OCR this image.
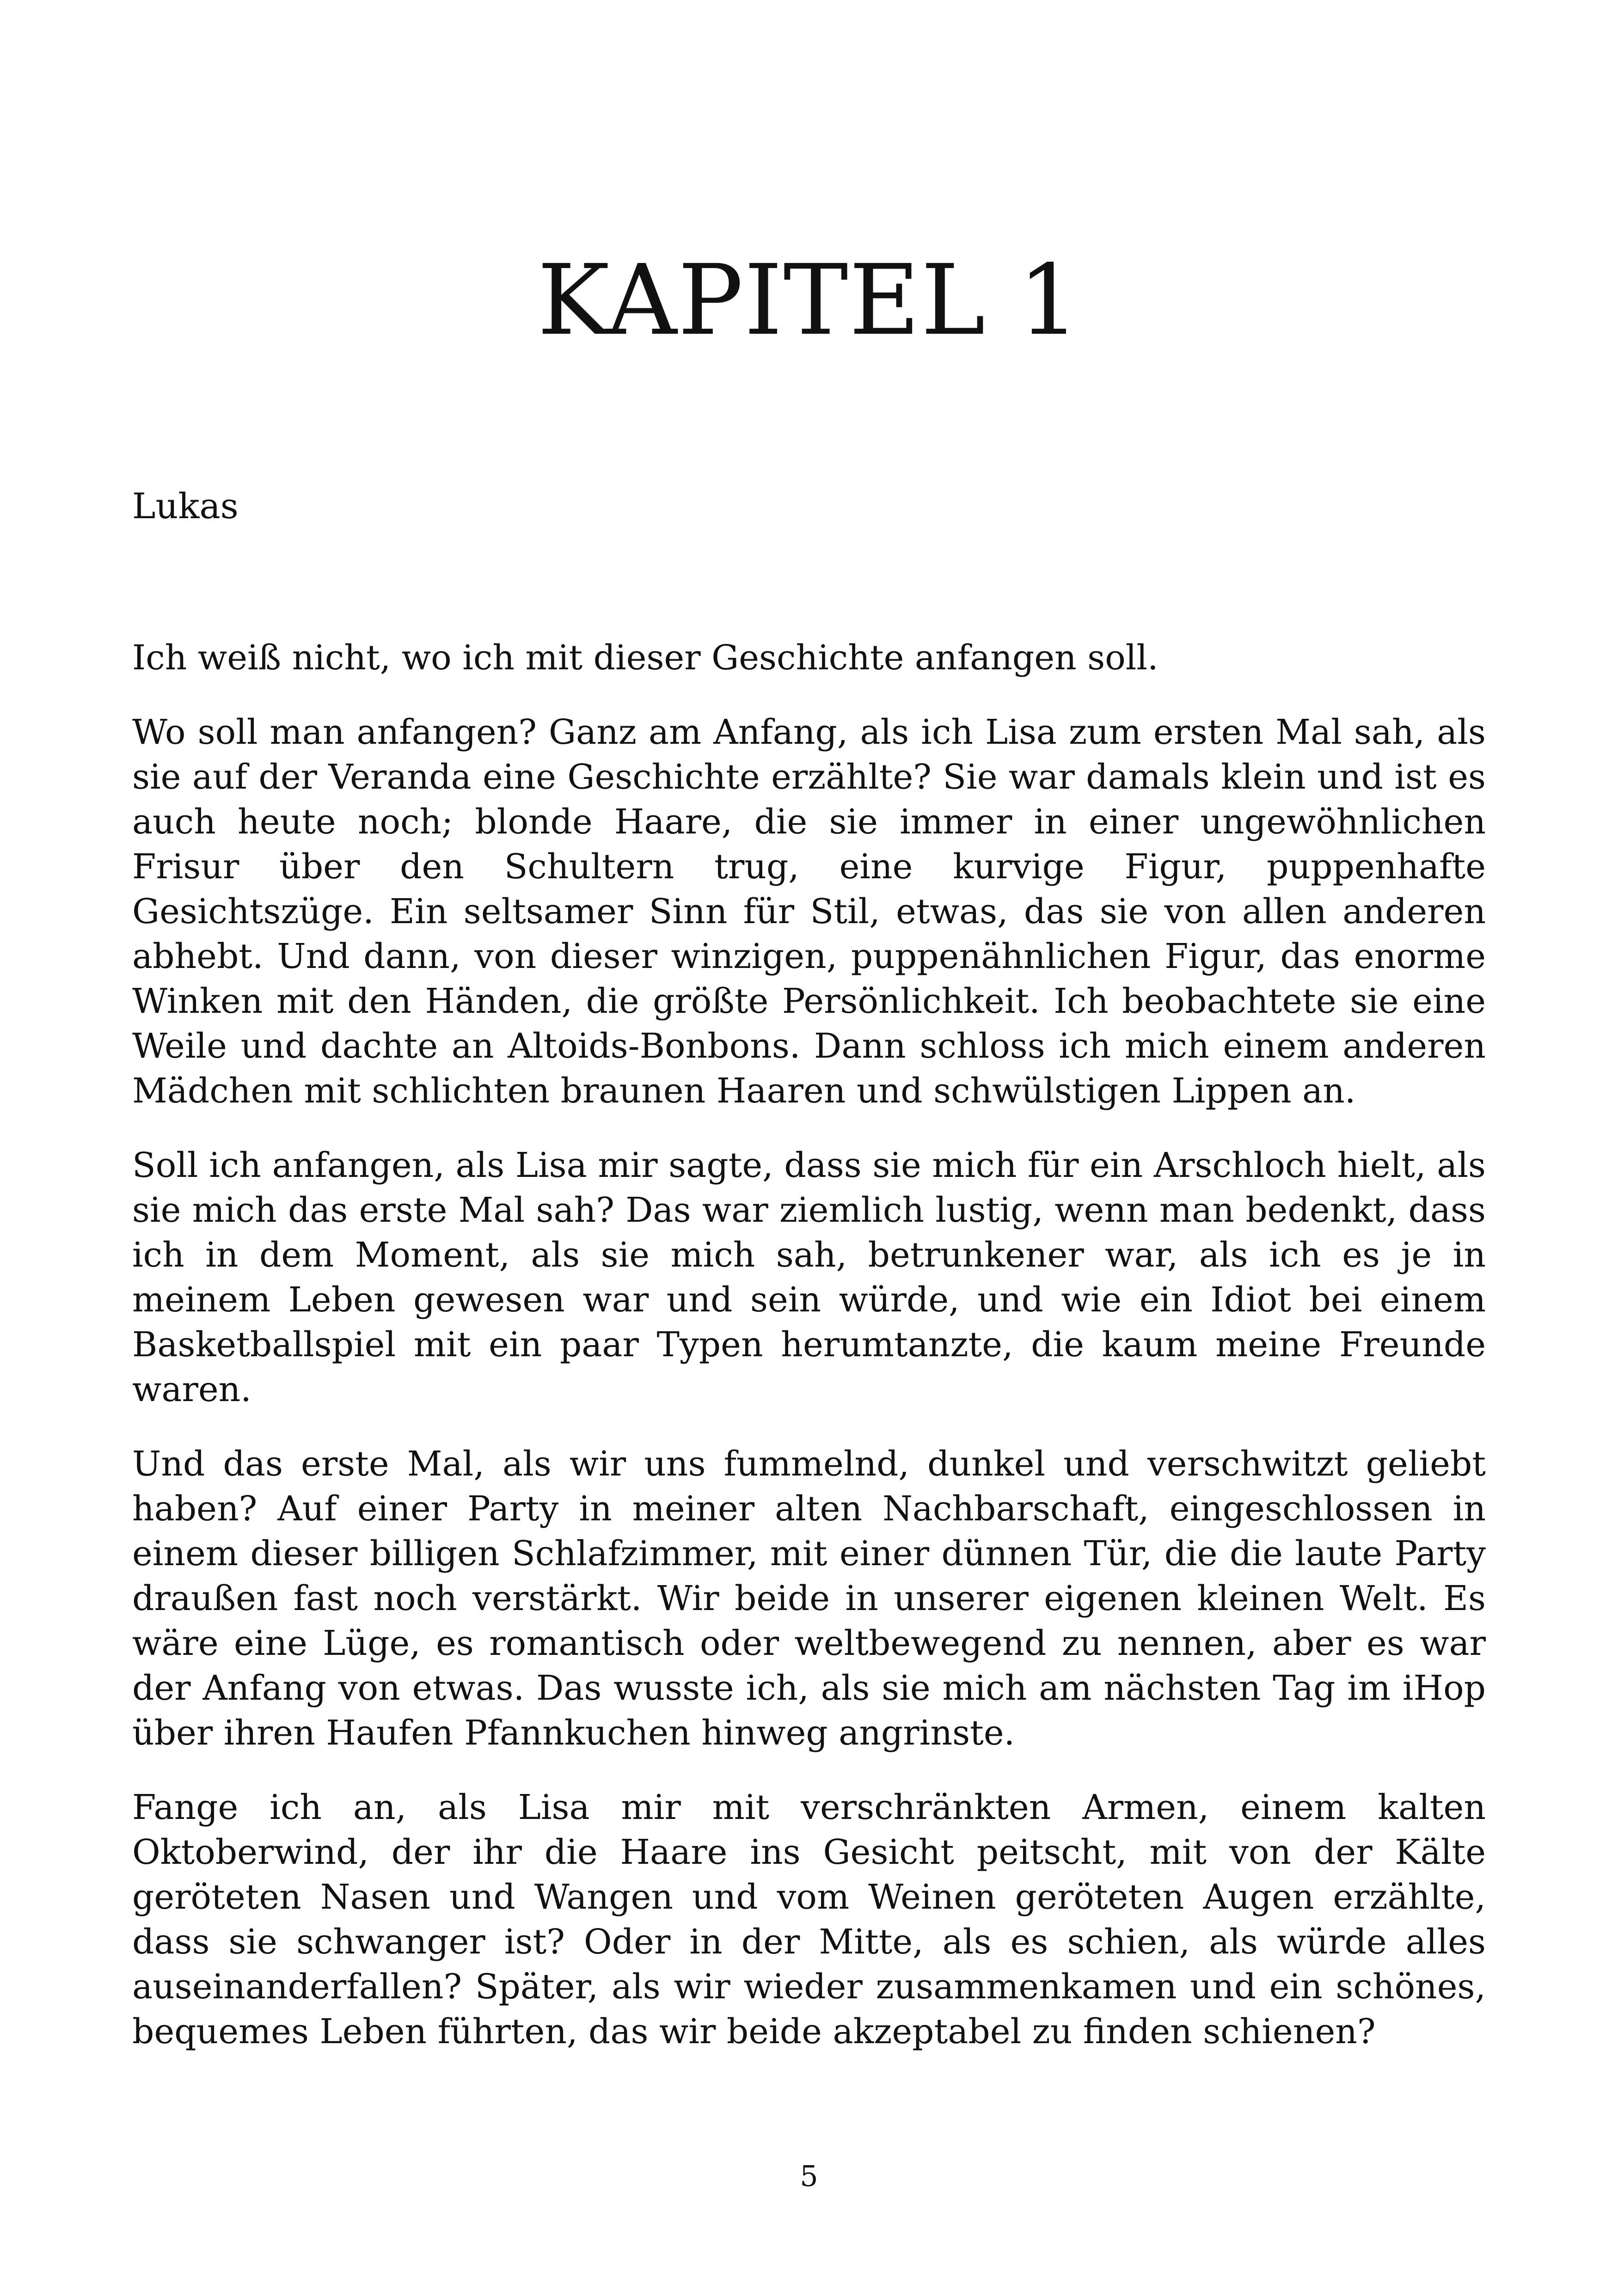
KAPITEL 1

Lukas

Ich weiß nicht, wo ich mit dieser Geschichte anfangen soll.

Wo soll man anfangen? Ganz am Anfang, als ich Lisa zum ersten Mal sah, als sie auf der Veranda eine Geschichte erzählte? Sie war damals klein und ist es auch heute noch; blonde Haare, die sie immer in einer ungewöhnlichen Frisur über den Schultern trug, eine kurvige Figur, puppenhafte Gesichtszüge. Ein seltsamer Sinn für Stil, etwas, das sie von allen anderen abhebt. Und dann, von dieser winzigen, puppenähnlichen Figur, das enorme Winken mit den Händen, die größte Persönlichkeit. Ich beobachtete sie eine Weile und dachte an Altoids-Bonbons. Dann schloss ich mich einem anderen Mädchen mit schlichten braunen Haaren und schwülstigen Lippen an.

Soll ich anfangen, als Lisa mir sagte, dass sie mich für ein Arschloch hielt, als sie mich das erste Mal sah? Das war ziemlich lustig, wenn man bedenkt, dass ich in dem Moment, als sie mich sah, betrunkener war, als ich es je in meinem Leben gewesen war und sein würde, und wie ein Idiot bei einem Basketballspiel mit ein paar Typen herumtanzte, die kaum meine Freunde waren.

Und das erste Mal, als wir uns fummelnd, dunkel und verschwitzt geliebt haben? Auf einer Party in meiner alten Nachbarschaft, eingeschlossen in einem dieser billigen Schlafzimmer, mit einer dünnen Tür, die die laute Party draußen fast noch verstärkt. Wir beide in unserer eigenen kleinen Welt. Es wäre eine Lüge, es romantisch oder weltbewegend zu nennen, aber es war der Anfang von etwas. Das wusste ich, als sie mich am nächsten Tag im iHop über ihren Haufen Pfannkuchen hinweg angrinste.

Fange ich an, als Lisa mir mit verschränkten Armen, einem kalten Oktoberwind, der ihr die Haare ins Gesicht peitscht, mit von der Kälte geröteten Nasen und Wangen und vom Weinen geröteten Augen erzählte, dass sie schwanger ist? Oder in der Mitte, als es schien, als würde alles auseinanderfallen? Später, als wir wieder zusammenkamen und ein schönes, bequemes Leben führten, das wir beide akzeptabel zu finden schienen?

5
